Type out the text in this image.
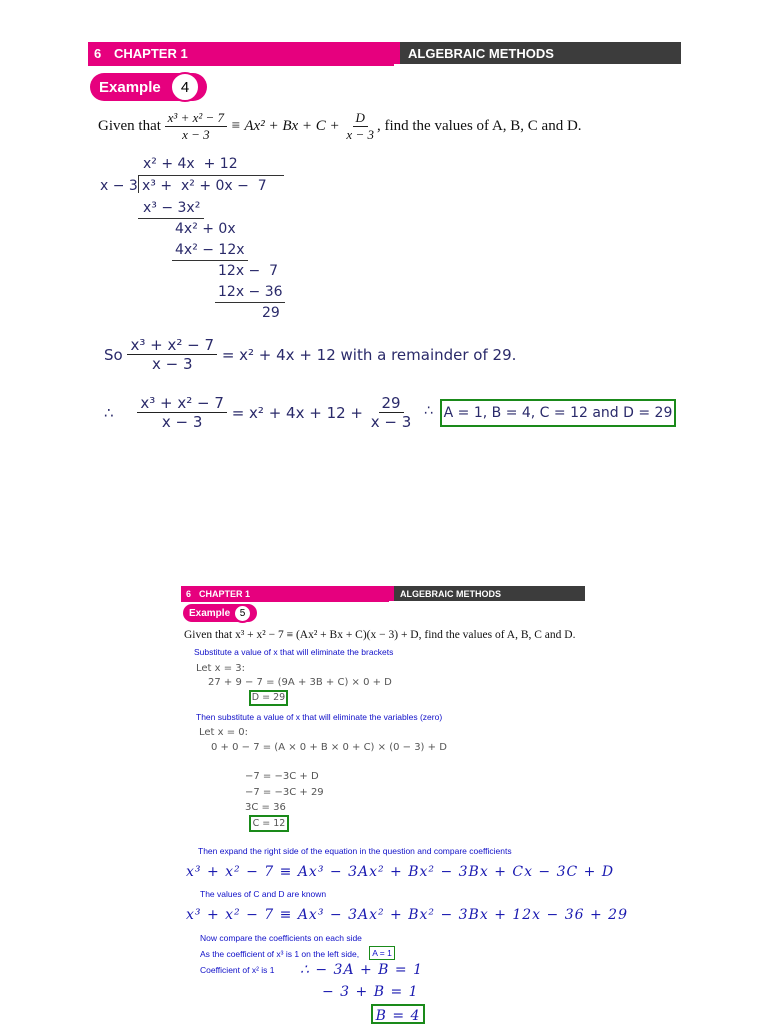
6 CHAPTER 1	ALGEBRAIC METHODS
Example 4
Given that
$\frac{\text{x³ + x² − 7}}{x - 3}$
≡ Ax² + Bx + C +
$\frac{D}{x - 3}$ , find the values of A, B, C and D.
x² + 4x  + 12
x − 3 x³ +  x² + 0x −  7
x³ − 3x²
4x² + 0x
4x² − 12x
12x −  7
12x − 36
29
So
$\frac{\text{x³ + x² − 7}}{x - 3}$
= x² + 4x + 12 with a remainder of 29.
∴
$\frac{\text{x³ + x² − 7}}{x - 3}$
= x² + 4x + 12 +
$\frac{29}{x - 3}$ ∴ A = 1, B = 4, C = 12 and D = 29
6 CHAPTER 1	ALGEBRAIC METHODS
Example 5
Given that x³ + x² − 7 ≡ (Ax² + Bx + C)(x − 3) + D, find the values of A, B, C and D.
Substitute a value of x that will eliminate the brackets
Let x = 3:
27 + 9 − 7 = (9A + 3B + C) × 0 + D
D = 29
Then substitute a value of x that will eliminate the variables (zero)
Let x = 0:
0 + 0 − 7 = (A × 0 + B × 0 + C) × (0 − 3) + D
−7 = −3C + D
−7 = −3C + 29
3C = 36
C = 12
Then expand the right side of the equation in the question and compare coefficients
x³ + x² − 7 ≡ Ax³ − 3Ax² + Bx² − 3Bx + Cx − 3C + D
The values of C and D are known
x³ + x² − 7 ≡ Ax³ − 3Ax² + Bx² − 3Bx + 12x − 36 + 29
Now compare the coefficients on each side
As the coefficient of x³ is 1 on the left side,	A = 1
Coefficient of x² is 1 ∴ − 3A + B = 1
− 3 + B = 1
B = 4
